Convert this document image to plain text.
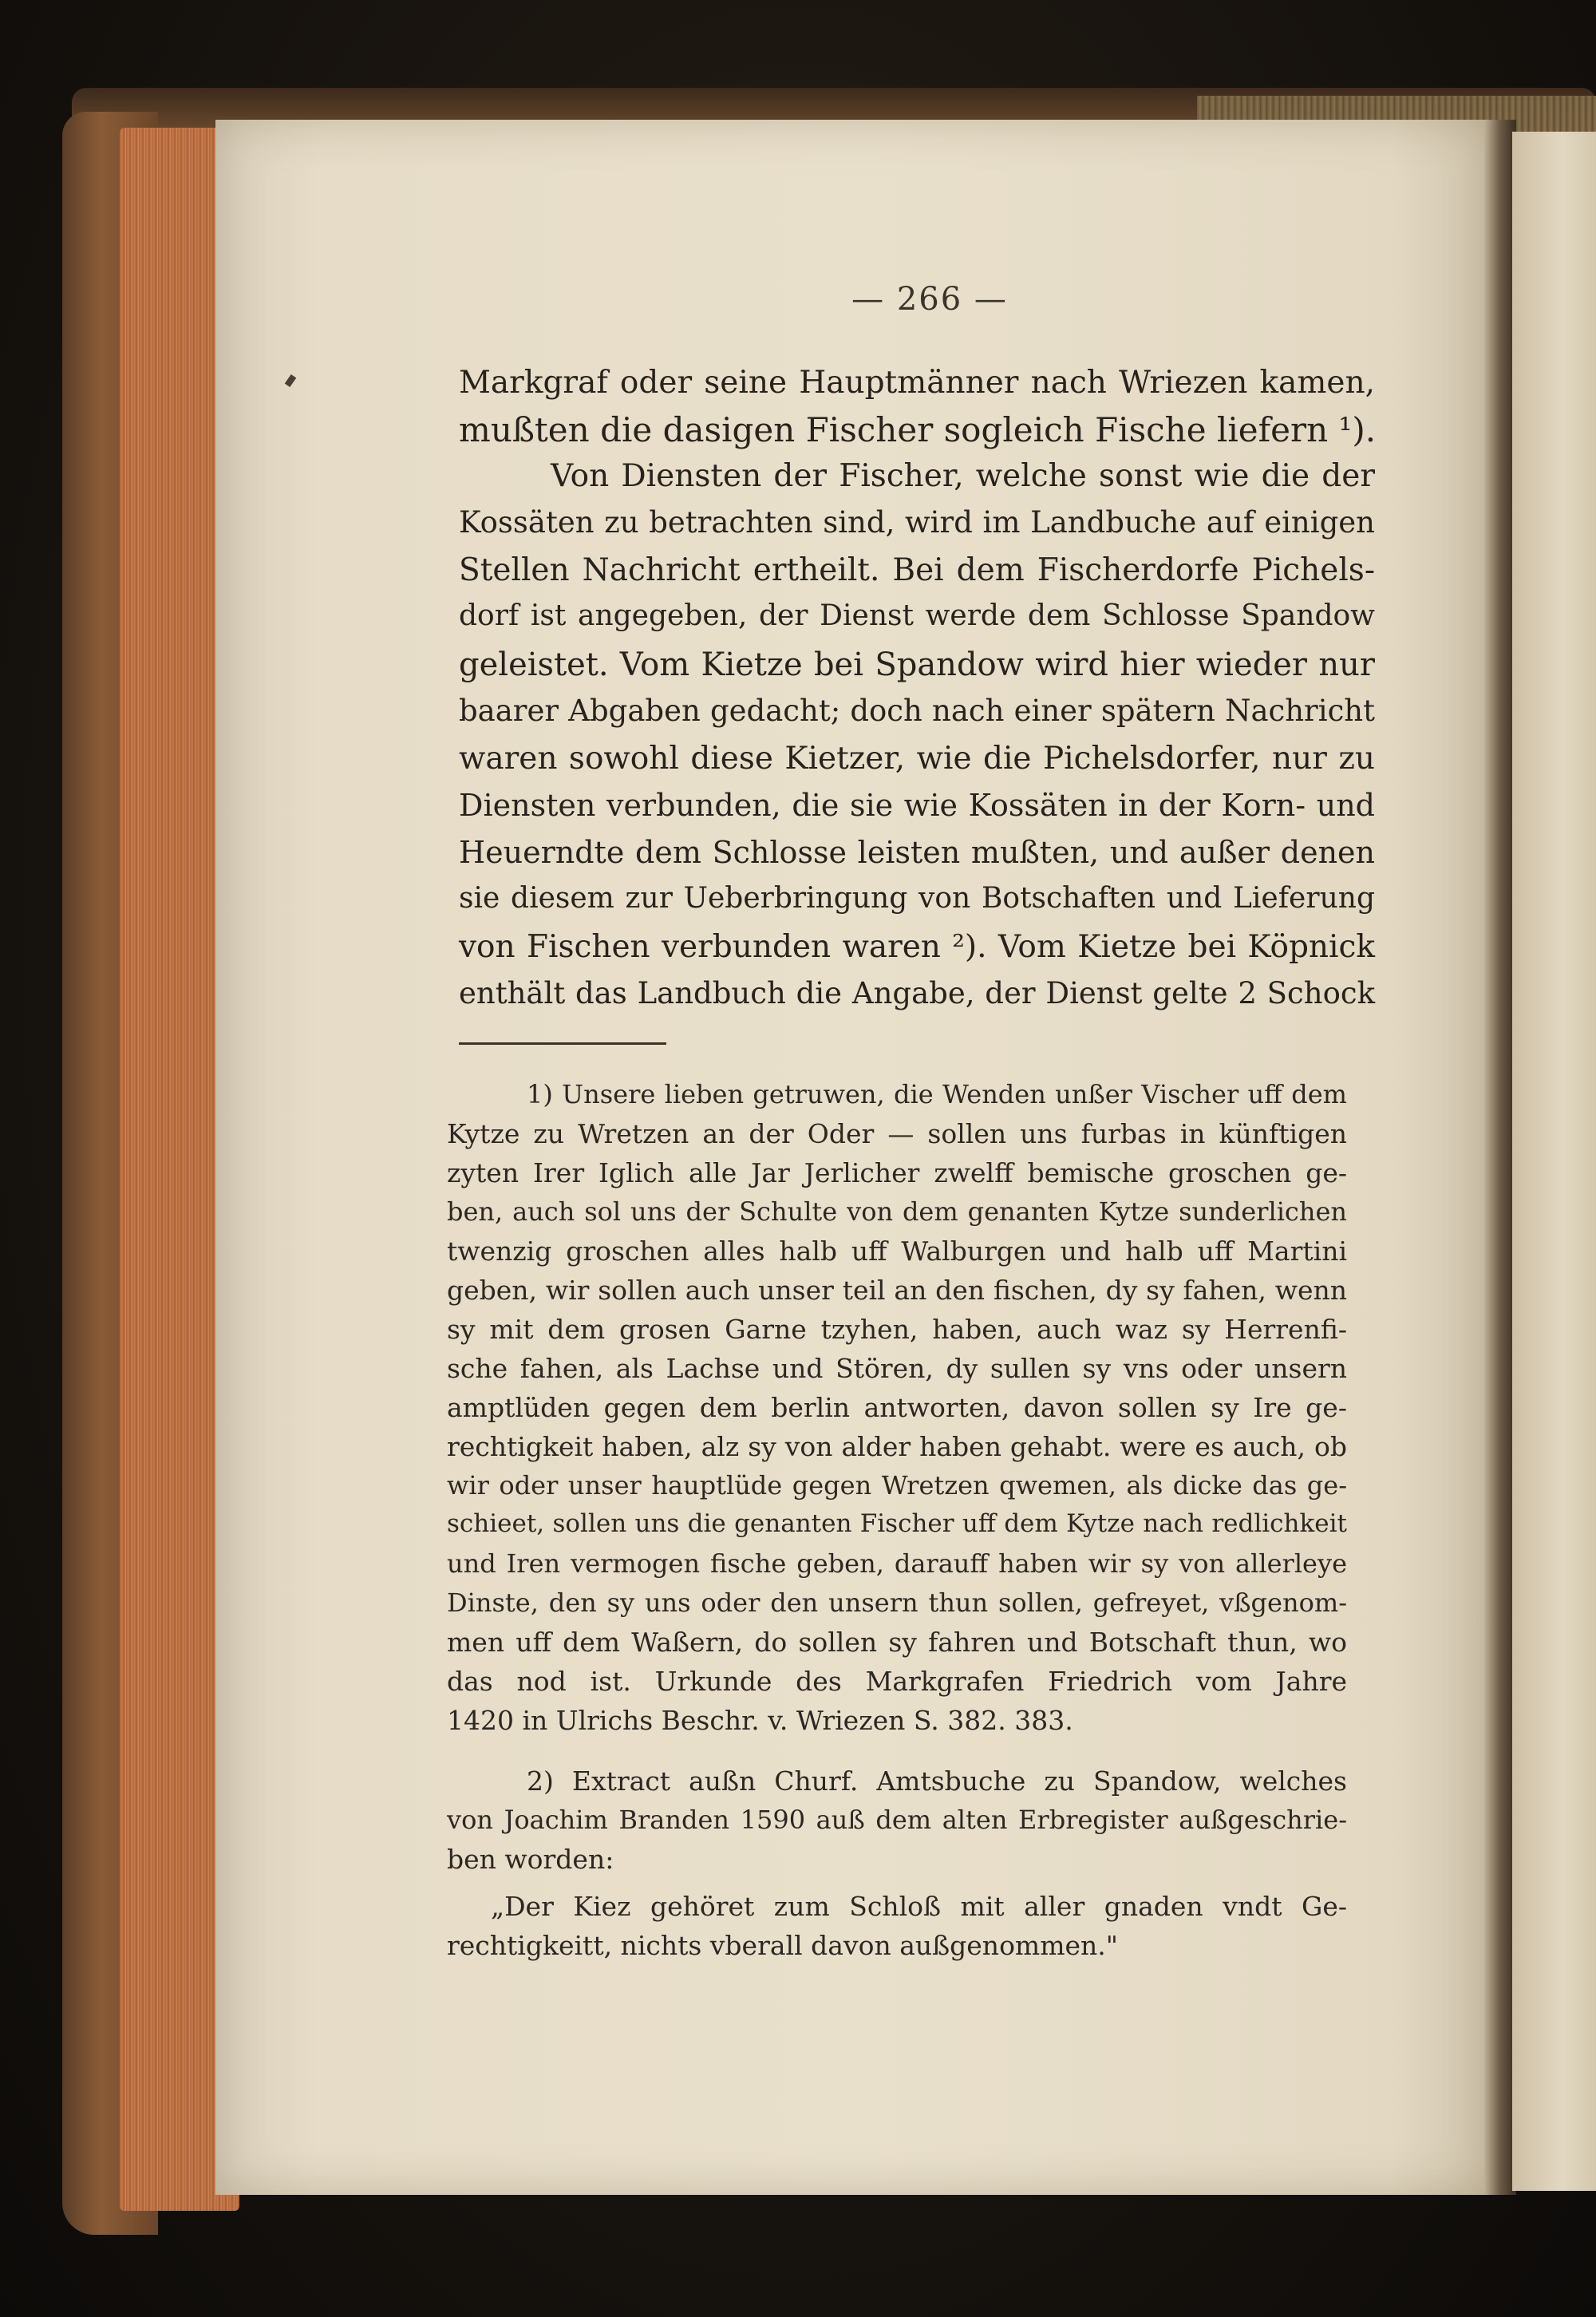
— 266 —
Markgraf oder seine Hauptmänner nach Wriezen kamen,
mußten die dasigen Fischer sogleich Fische liefern ¹).
Von Diensten der Fischer, welche sonst wie die der
Kossäten zu betrachten sind, wird im Landbuche auf einigen
Stellen Nachricht ertheilt. Bei dem Fischerdorfe Pichels-
dorf ist angegeben, der Dienst werde dem Schlosse Spandow
geleistet. Vom Kietze bei Spandow wird hier wieder nur
baarer Abgaben gedacht; doch nach einer spätern Nachricht
waren sowohl diese Kietzer, wie die Pichelsdorfer, nur zu
Diensten verbunden, die sie wie Kossäten in der Korn- und
Heuerndte dem Schlosse leisten mußten, und außer denen
sie diesem zur Ueberbringung von Botschaften und Lieferung
von Fischen verbunden waren ²). Vom Kietze bei Köpnick
enthält das Landbuch die Angabe, der Dienst gelte 2 Schock
1) Unsere lieben getruwen, die Wenden unßer Vischer uff dem
Kytze zu Wretzen an der Oder — sollen uns furbas in künftigen
zyten Irer Iglich alle Jar Jerlicher zwelff bemische groschen ge-
ben, auch sol uns der Schulte von dem genanten Kytze sunderlichen
twenzig groschen alles halb uff Walburgen und halb uff Martini
geben, wir sollen auch unser teil an den fischen, dy sy fahen, wenn
sy mit dem grosen Garne tzyhen, haben, auch waz sy Herrenfi-
sche fahen, als Lachse und Stören, dy sullen sy vns oder unsern
amptlüden gegen dem berlin antworten, davon sollen sy Ire ge-
rechtigkeit haben, alz sy von alder haben gehabt. were es auch, ob
wir oder unser hauptlüde gegen Wretzen qwemen, als dicke das ge-
schieet, sollen uns die genanten Fischer uff dem Kytze nach redlichkeit
und Iren vermogen fische geben, darauff haben wir sy von allerleye
Dinste, den sy uns oder den unsern thun sollen, gefreyet, vßgenom-
men uff dem Waßern, do sollen sy fahren und Botschaft thun, wo
das nod ist. Urkunde des Markgrafen Friedrich vom Jahre
1420 in Ulrichs Beschr. v. Wriezen S. 382. 383.
2) Extract außn Churf. Amtsbuche zu Spandow, welches
von Joachim Branden 1590 auß dem alten Erbregister außgeschrie-
ben worden:
„Der Kiez gehöret zum Schloß mit aller gnaden vndt Ge-
rechtigkeitt, nichts vberall davon außgenommen."
